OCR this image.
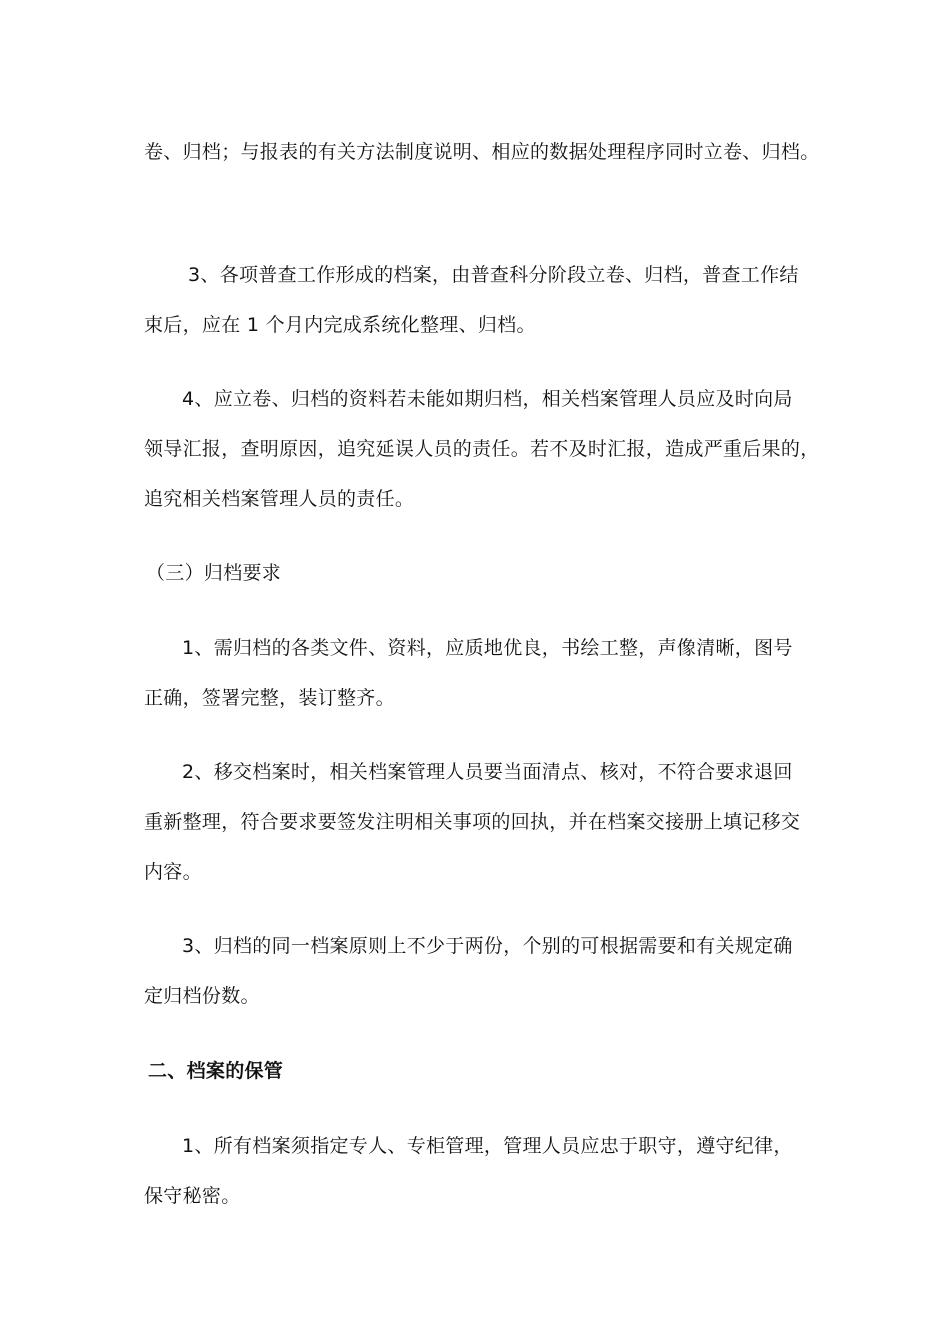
卷、归档；与报表的有关方法制度说明、相应的数据处理程序同时立卷、归档。
3、各项普查工作形成的档案，由普查科分阶段立卷、归档，普查工作结
束后，应在 1 个月内完成系统化整理、归档。
4、应立卷、归档的资料若未能如期归档，相关档案管理人员应及时向局
领导汇报，查明原因，追究延误人员的责任。若不及时汇报，造成严重后果的，
追究相关档案管理人员的责任。
（三）归档要求
1、需归档的各类文件、资料，应质地优良，书绘工整，声像清晰，图号
正确，签署完整，装订整齐。
2、移交档案时，相关档案管理人员要当面清点、核对，不符合要求退回
重新整理，符合要求要签发注明相关事项的回执，并在档案交接册上填记移交
内容。
3、归档的同一档案原则上不少于两份，个别的可根据需要和有关规定确
定归档份数。
二、档案的保管
1、所有档案须指定专人、专柜管理，管理人员应忠于职守，遵守纪律，
保守秘密。
